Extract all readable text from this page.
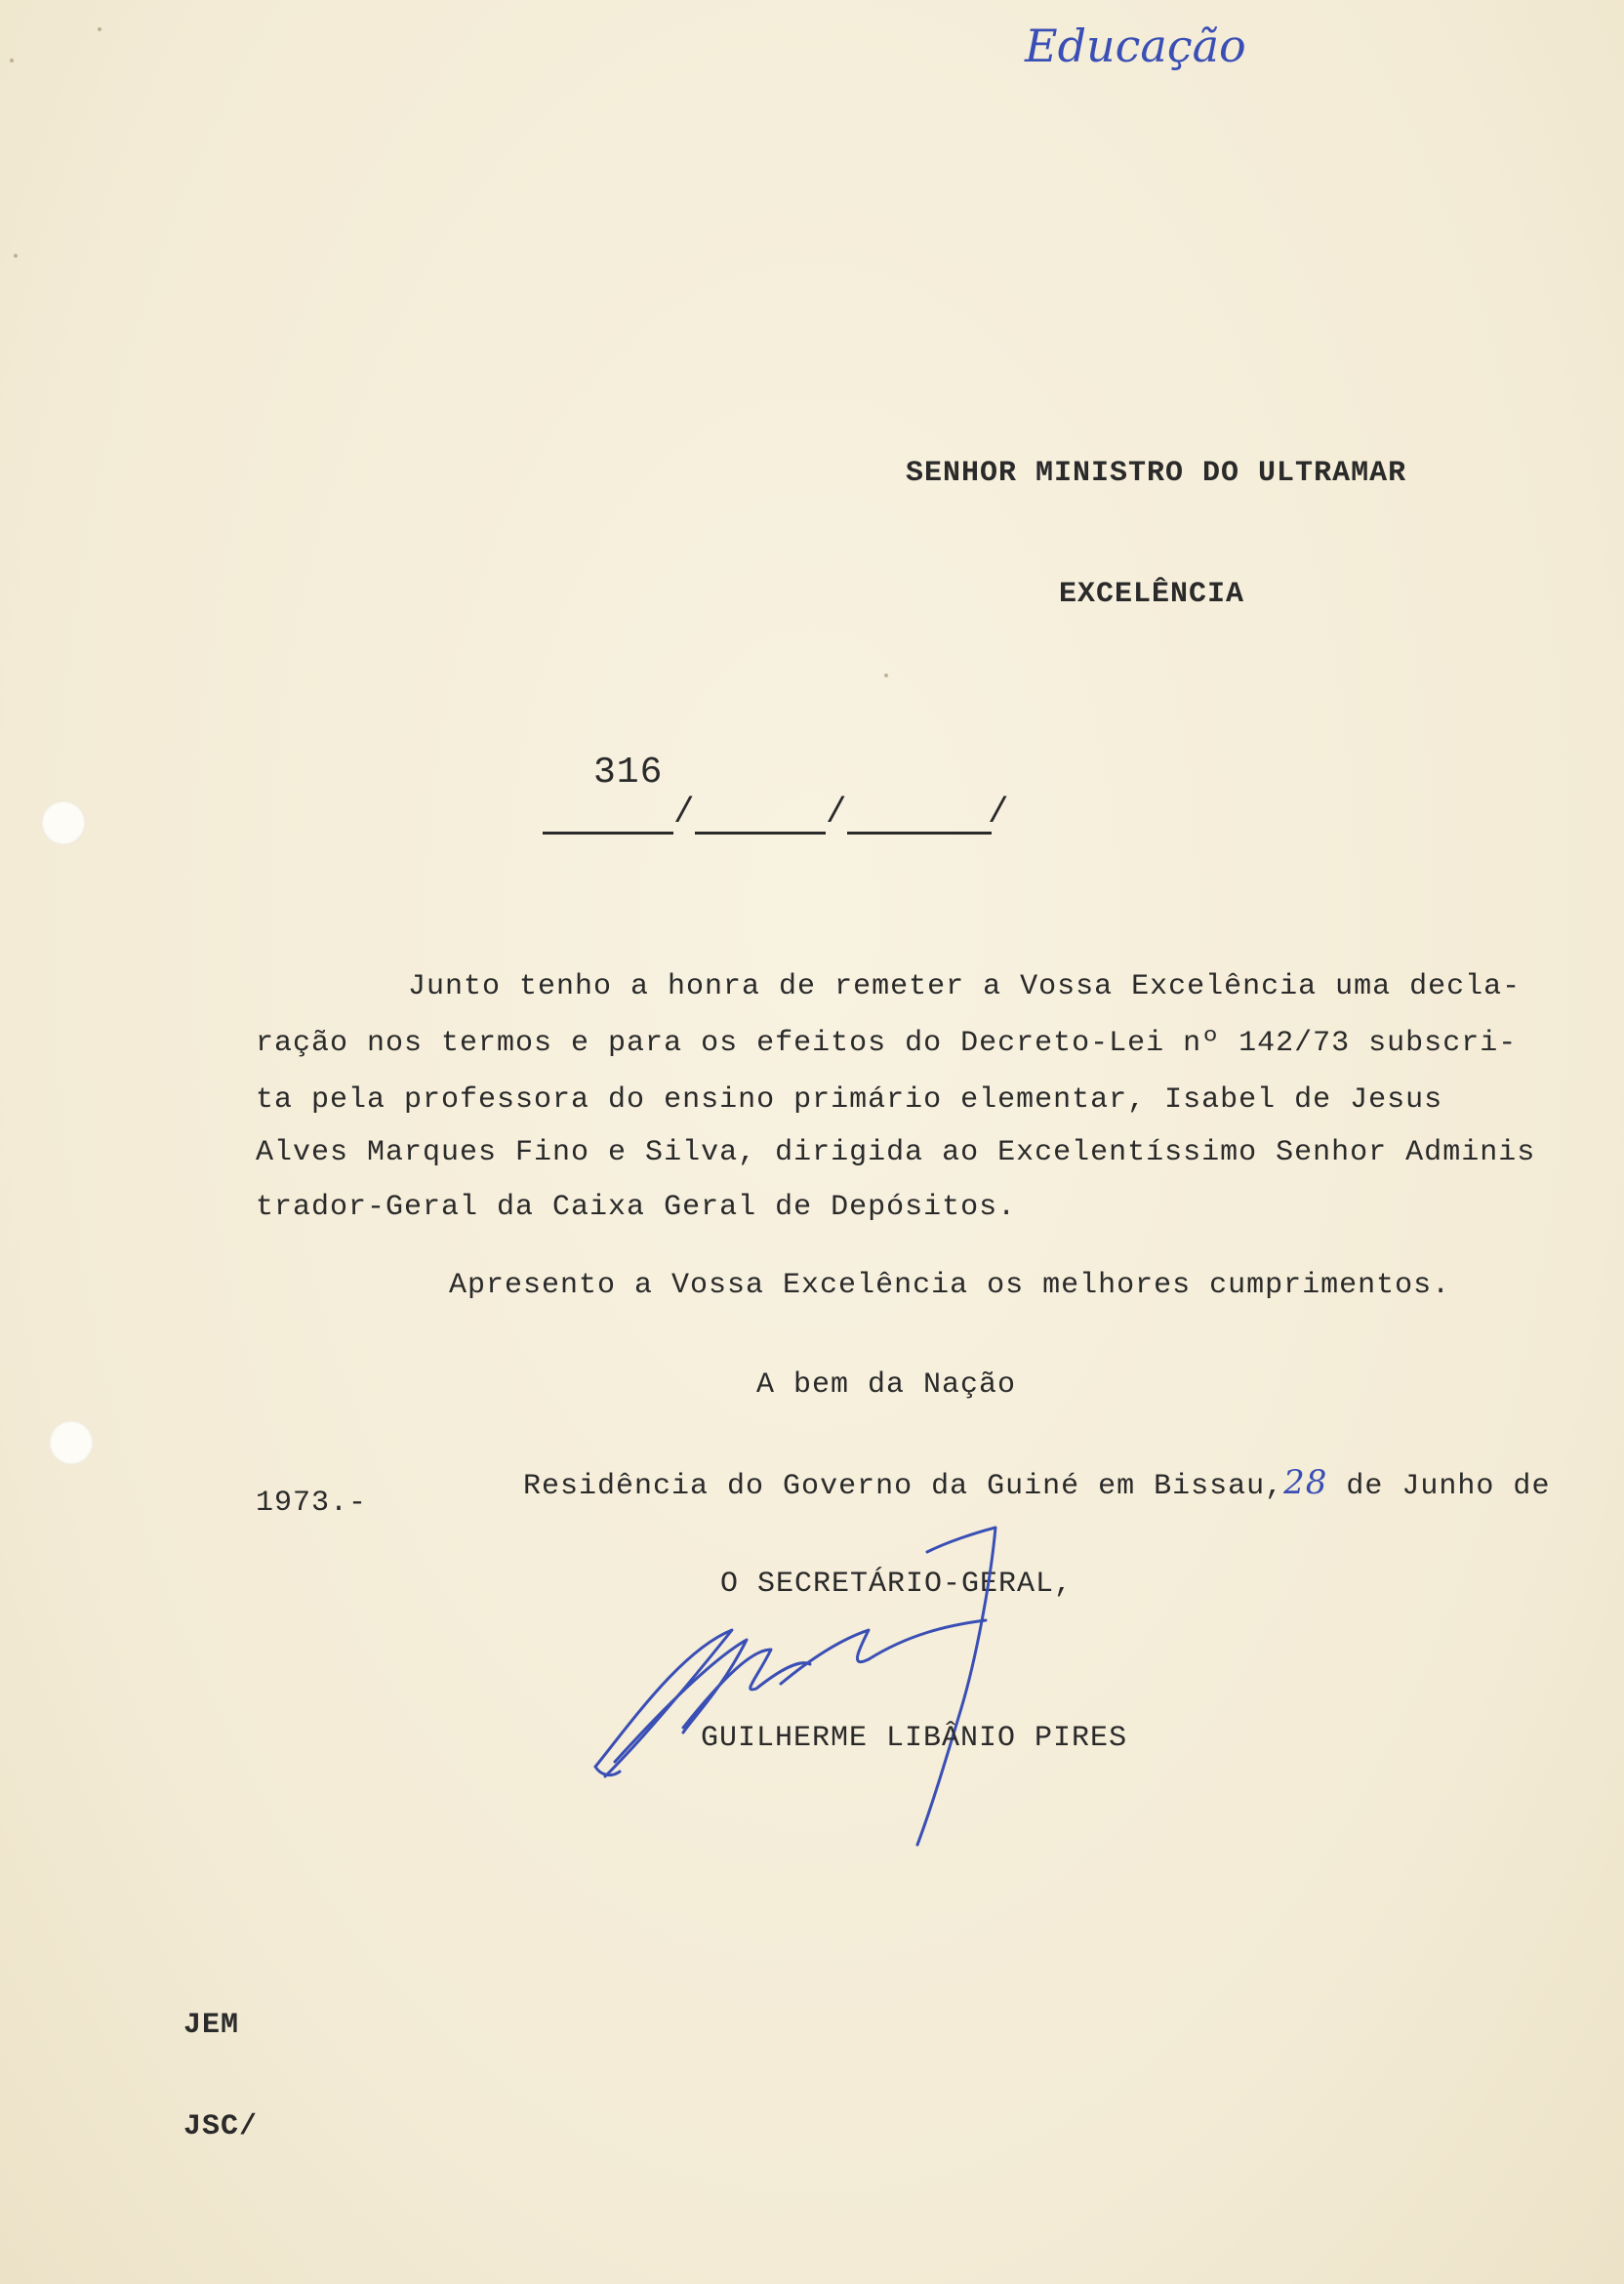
Educação
SENHOR MINISTRO DO ULTRAMAR
EXCELÊNCIA
316
/	/	/
Junto tenho a honra de remeter a Vossa Excelência uma decla-
ração nos termos e para os efeitos do Decreto-Lei nº 142/73 subscri-
ta pela professora do ensino primário elementar, Isabel de Jesus
Alves Marques Fino e Silva, dirigida ao Excelentíssimo Senhor Adminis
trador-Geral da Caixa Geral de Depósitos.
Apresento a Vossa Excelência os melhores cumprimentos.
A bem da Nação

Residência do Governo da Guiné em Bissau,28 de Junho de

1973.-
O SECRETÁRIO-GERAL,
GUILHERME LIBÂNIO PIRES
JEM
JSC/
